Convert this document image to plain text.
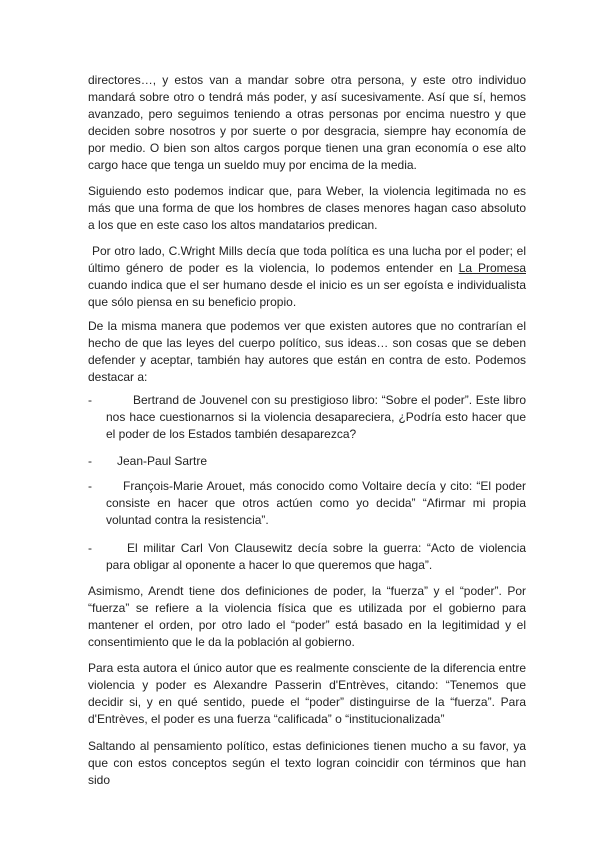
directores…, y estos van a mandar sobre otra persona, y este otro individuo mandará sobre otro o tendrá más poder, y así sucesivamente. Así que sí, hemos avanzado, pero seguimos teniendo a otras personas por encima nuestro y que deciden sobre nosotros y por suerte o por desgracia, siempre hay economía de por medio. O bien son altos cargos porque tienen una gran economía o ese alto cargo hace que tenga un sueldo muy por encima de la media.

Siguiendo esto podemos indicar que, para Weber, la violencia legitimada no es más que una forma de que los hombres de clases menores hagan caso absoluto a los que en este caso los altos mandatarios predican.

Por otro lado, C.Wright Mills decía que toda política es una lucha por el poder; el último género de poder es la violencia, lo podemos entender en La Promesa cuando indica que el ser humano desde el inicio es un ser egoísta e individualista que sólo piensa en su beneficio propio.

De la misma manera que podemos ver que existen autores que no contrarían el hecho de que las leyes del cuerpo político, sus ideas… son cosas que se deben defender y aceptar, también hay autores que están en contra de esto. Podemos destacar a:

-	Bertrand de Jouvenel con su prestigioso libro: “Sobre el poder”. Este libro nos hace cuestionarnos si la violencia desapareciera, ¿Podría esto hacer que el poder de los Estados también desaparezca?
-	Jean-Paul Sartre
-	François-Marie Arouet, más conocido como Voltaire decía y cito: “El poder consiste en hacer que otros actúen como yo decida” “Afirmar mi propia voluntad contra la resistencia”.
-	El militar Carl Von Clausewitz decía sobre la guerra: “Acto de violencia para obligar al oponente a hacer lo que queremos que haga”.

Asimismo, Arendt tiene dos definiciones de poder, la “fuerza” y el “poder”. Por “fuerza” se refiere a la violencia física que es utilizada por el gobierno para mantener el orden, por otro lado el “poder” está basado en la legitimidad y el consentimiento que le da la población al gobierno.

Para esta autora el único autor que es realmente consciente de la diferencia entre violencia y poder es Alexandre Passerin d'Entrèves, citando: “Tenemos que decidir si, y en qué sentido, puede el “poder” distinguirse de la “fuerza”. Para d'Entrèves, el poder es una fuerza “calificada” o “institucionalizada”

Saltando al pensamiento político, estas definiciones tienen mucho a su favor, ya que con estos conceptos según el texto logran coincidir con términos que han sido
